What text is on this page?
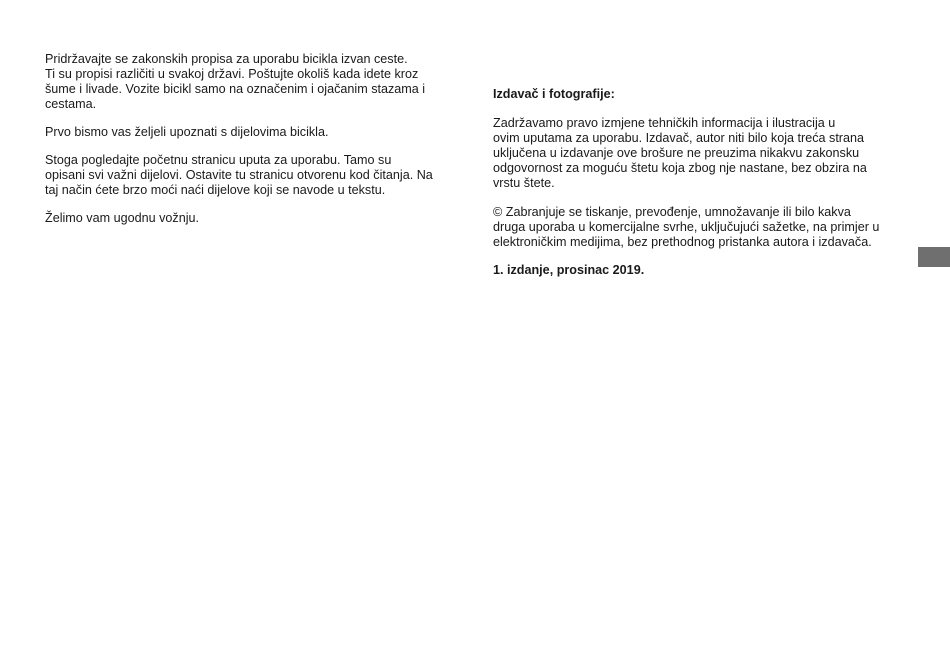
Pridržavajte se zakonskih propisa za uporabu bicikla izvan ceste.
Ti su propisi različiti u svakoj državi. Poštujte okoliš kada idete kroz
šume i livade. Vozite bicikl samo na označenim i ojačanim stazama i
cestama.

Prvo bismo vas željeli upoznati s dijelovima bicikla.

Stoga pogledajte početnu stranicu uputa za uporabu. Tamo su
opisani svi važni dijelovi. Ostavite tu stranicu otvorenu kod čitanja. Na
taj način ćete brzo moći naći dijelove koji se navode u tekstu.

Želimo vam ugodnu vožnju.

Izdavač i fotografije:

Zadržavamo pravo izmjene tehničkih informacija i ilustracija u
ovim uputama za uporabu. Izdavač, autor niti bilo koja treća strana
uključena u izdavanje ove brošure ne preuzima nikakvu zakonsku
odgovornost za moguću štetu koja zbog nje nastane, bez obzira na
vrstu štete.

© Zabranjuje se tiskanje, prevođenje, umnožavanje ili bilo kakva
druga uporaba u komercijalne svrhe, uključujući sažetke, na primjer u
elektroničkim medijima, bez prethodnog pristanka autora i izdavača.

1. izdanje, prosinac 2019.
